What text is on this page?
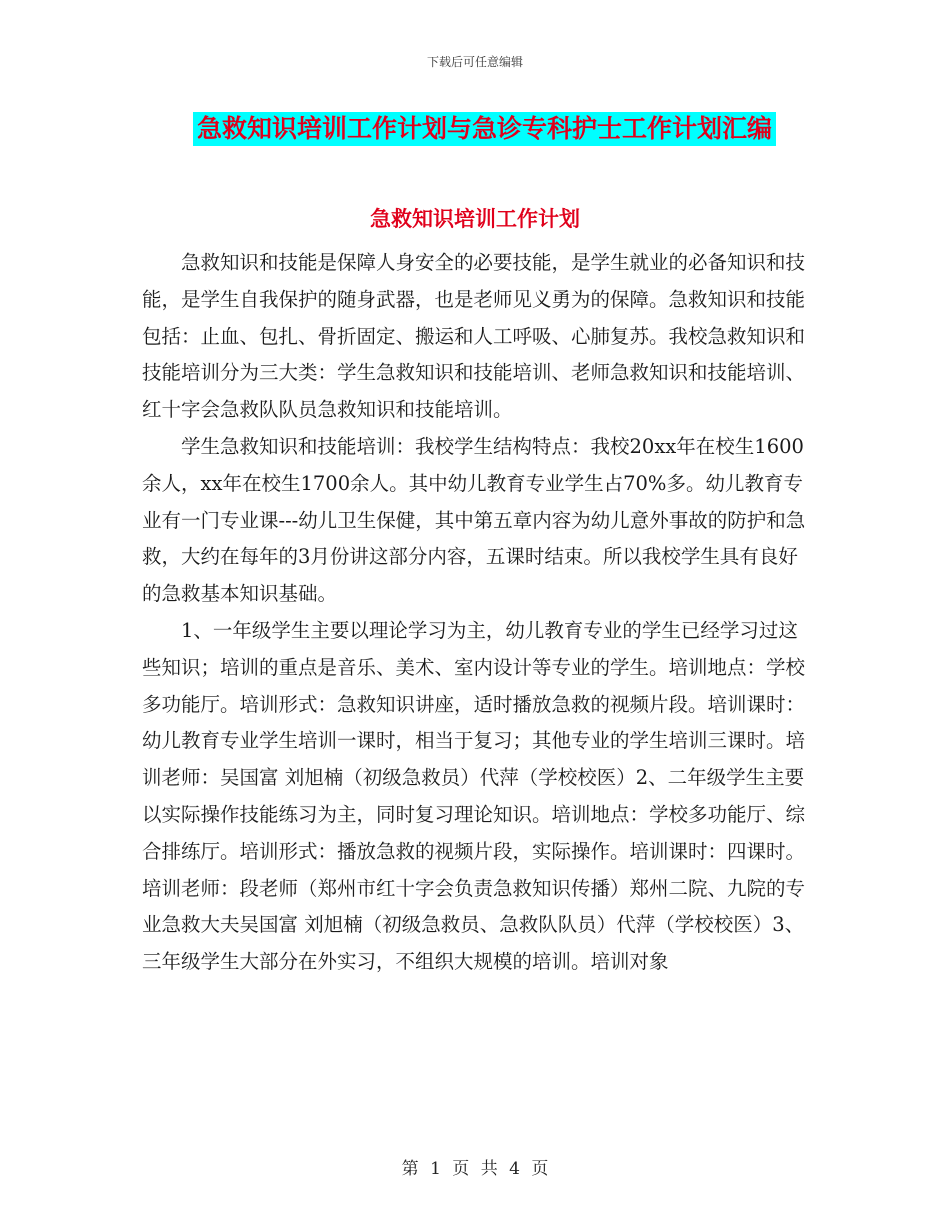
下载后可任意编辑
急救知识培训工作计划与急诊专科护士工作计划汇编
急救知识培训工作计划

急救知识和技能是保障人身安全的必要技能，是学生就业的必备知识和技能，是学生自我保护的随身武器，也是老师见义勇为的保障。急救知识和技能包括：止血、包扎、骨折固定、搬运和人工呼吸、心肺复苏。我校急救知识和技能培训分为三大类：学生急救知识和技能培训、老师急救知识和技能培训、红十字会急救队队员急救知识和技能培训。

学生急救知识和技能培训：我校学生结构特点：我校20xx年在校生1600余人，xx年在校生1700余人。其中幼儿教育专业学生占70%多。幼儿教育专业有一门专业课---幼儿卫生保健，其中第五章内容为幼儿意外事故的防护和急救，大约在每年的3月份讲这部分内容，五课时结束。所以我校学生具有良好的急救基本知识基础。

1、一年级学生主要以理论学习为主，幼儿教育专业的学生已经学习过这些知识；培训的重点是音乐、美术、室内设计等专业的学生。培训地点：学校多功能厅。培训形式：急救知识讲座，适时播放急救的视频片段。培训课时：幼儿教育专业学生培训一课时，相当于复习；其他专业的学生培训三课时。培训老师：吴国富 刘旭楠（初级急救员）代萍（学校校医）2、二年级学生主要以实际操作技能练习为主，同时复习理论知识。培训地点：学校多功能厅、综合排练厅。培训形式：播放急救的视频片段，实际操作。培训课时：四课时。培训老师：段老师（郑州市红十字会负责急救知识传播）郑州二院、九院的专业急救大夫吴国富 刘旭楠（初级急救员、急救队队员）代萍（学校校医）3、三年级学生大部分在外实习，不组织大规模的培训。培训对象

第 1 页 共 4 页
